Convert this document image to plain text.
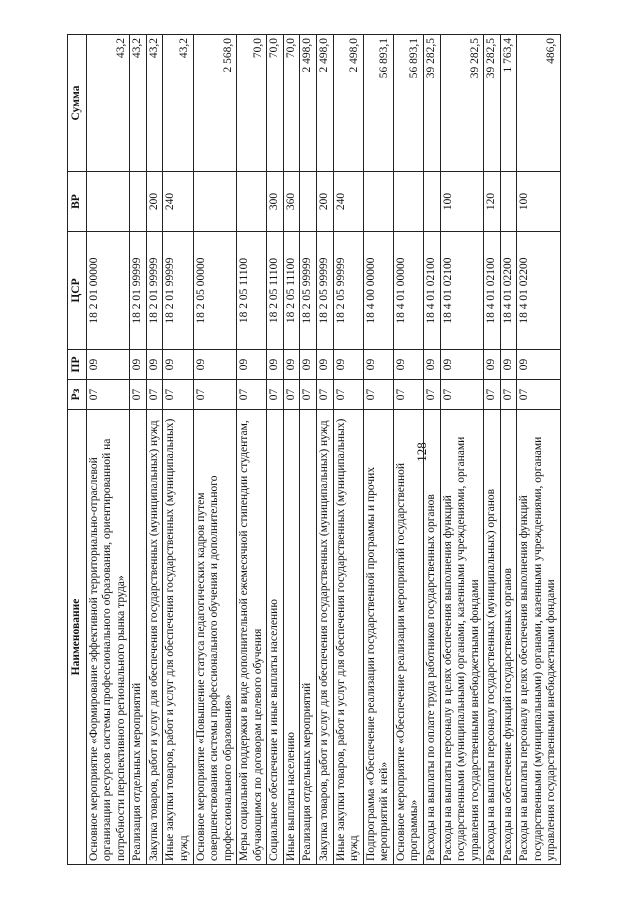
128
Наименование	Рз	ПР	ЦСР	ВР	Сумма
Основное мероприятие «Формирование эффективной территориально-отраслевой организации ресурсов системы профессионального образования, ориентированной на потребности перспективного регионального рынка труда»	07	09	18 2 01 00000		43,2
Реализация отдельных мероприятий	07	09	18 2 01 99999		43,2
Закупка товаров, работ и услуг для обеспечения государственных (муниципальных) нужд	07	09	18 2 01 99999	200	43,2
Иные закупки товаров, работ и услуг для обеспечения государственных (муниципальных) нужд	07	09	18 2 01 99999	240	43,2
Основное мероприятие «Повышение статуса педагогических кадров путем совершенствования системы профессионального обучения и дополнительного профессионального образования»	07	09	18 2 05 00000		2 568,0
Меры социальной поддержки в виде дополнительной ежемесячной стипендии студентам, обучающимся по договорам целевого обучения	07	09	18 2 05 11100		70,0
Социальное обеспечение и иные выплаты населению	07	09	18 2 05 11100	300	70,0
Иные выплаты населению	07	09	18 2 05 11100	360	70,0
Реализация отдельных мероприятий	07	09	18 2 05 99999		2 498,0
Закупка товаров, работ и услуг для обеспечения государственных (муниципальных) нужд	07	09	18 2 05 99999	200	2 498,0
Иные закупки товаров, работ и услуг для обеспечения государственных (муниципальных) нужд	07	09	18 2 05 99999	240	2 498,0
Подпрограмма «Обеспечение реализации государственной программы и прочих мероприятий к ней»	07	09	18 4 00 00000		56 893,1
Основное мероприятие «Обеспечение реализации мероприятий государственной программы»	07	09	18 4 01 00000		56 893,1
Расходы на выплаты по оплате труда работников государственных органов	07	09	18 4 01 02100		39 282,5
Расходы на выплаты персоналу в целях обеспечения выполнения функций государственными (муниципальными) органами, казенными учреждениями, органами управления государственными внебюджетными фондами	07	09	18 4 01 02100	100	39 282,5
Расходы на выплаты персоналу государственных (муниципальных) органов	07	09	18 4 01 02100	120	39 282,5
Расходы на обеспечение функций государственных органов	07	09	18 4 01 02200		1 763,4
Расходы на выплаты персоналу в целях обеспечения выполнения функций государственными (муниципальными) органами, казенными учреждениями, органами управления государственными внебюджетными фондами	07	09	18 4 01 02200	100	486,0
